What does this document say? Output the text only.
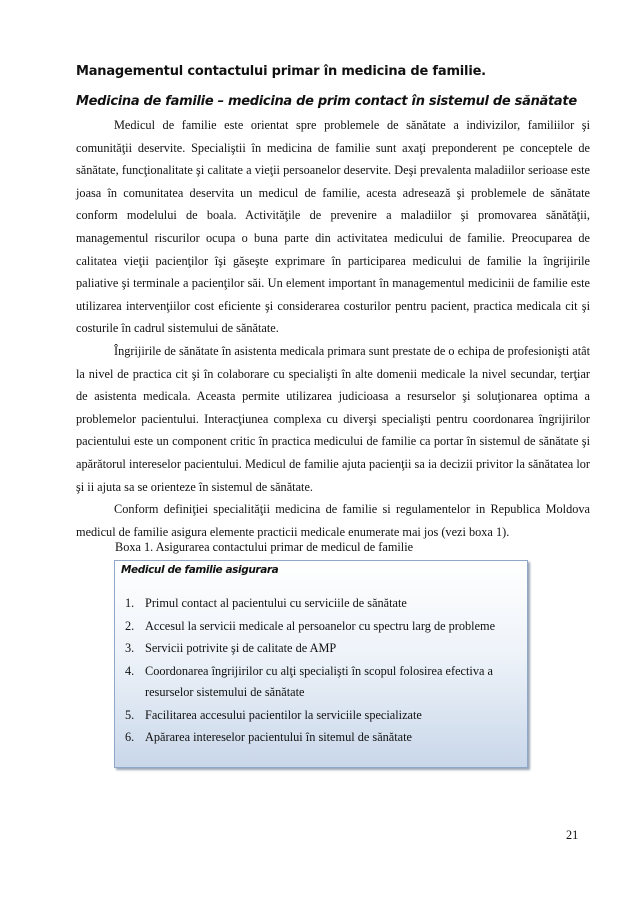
Managementul contactului primar în medicina de familie.
Medicina de familie – medicina de prim contact în sistemul de sănătate

Medicul de familie este orientat spre problemele de sănătate a indivizilor, familiilor şi comunităţii deservite. Specialiştii în medicina de familie sunt axaţi preponderent pe conceptele de sănătate, funcţionalitate şi calitate a vieţii persoanelor deservite. Deşi prevalenta maladiilor serioase este joasa în comunitatea deservita un medicul de familie, acesta adresează şi problemele de sănătate conform modelului de boala. Activităţile de prevenire a maladiilor şi promovarea sănătăţii, managementul riscurilor ocupa o buna parte din activitatea medicului de familie. Preocuparea de calitatea vieţii pacienţilor îşi găseşte exprimare în participarea medicului de familie la îngrijirile paliative şi terminale a pacienţilor săi. Un element important în managementul medicinii de familie este utilizarea intervenţiilor cost eficiente şi considerarea costurilor pentru pacient, practica medicala cit şi costurile în cadrul sistemului de sănătate.

Îngrijirile de sănătate în asistenta medicala primara sunt prestate de o echipa de profesionişti atât la nivel de practica cit şi în colaborare cu specialişti în alte domenii medicale la nivel secundar, terţiar de asistenta medicala. Aceasta permite utilizarea judicioasa a resurselor şi soluţionarea optima a problemelor pacientului. Interacţiunea complexa cu diverşi specialişti pentru coordonarea îngrijirilor pacientului este un component critic în practica medicului de familie ca portar în sistemul de sănătate şi apărătorul intereselor pacientului. Medicul de familie ajuta pacienţii sa ia decizii privitor la sănătatea lor şi ii ajuta sa se orienteze în sistemul de sănătate.

Conform definiţiei specialităţii medicina de familie si regulamentelor in Republica Moldova medicul de familie asigura elemente practicii medicale enumerate mai jos (vezi boxa 1).

Boxa 1. Asigurarea contactului primar de medicul de familie
Medicul de familie asigurara
1. Primul contact al pacientului cu serviciile de sănătate
2. Accesul la servicii medicale al persoanelor cu spectru larg de probleme
3. Servicii potrivite şi de calitate de AMP
4. Coordonarea îngrijirilor cu alţi specialişti în scopul folosirea efectiva a resurselor sistemului de sănătate
5. Facilitarea accesului pacientilor la serviciile specializate
6. Apărarea intereselor pacientului în sitemul de sănătate
21
